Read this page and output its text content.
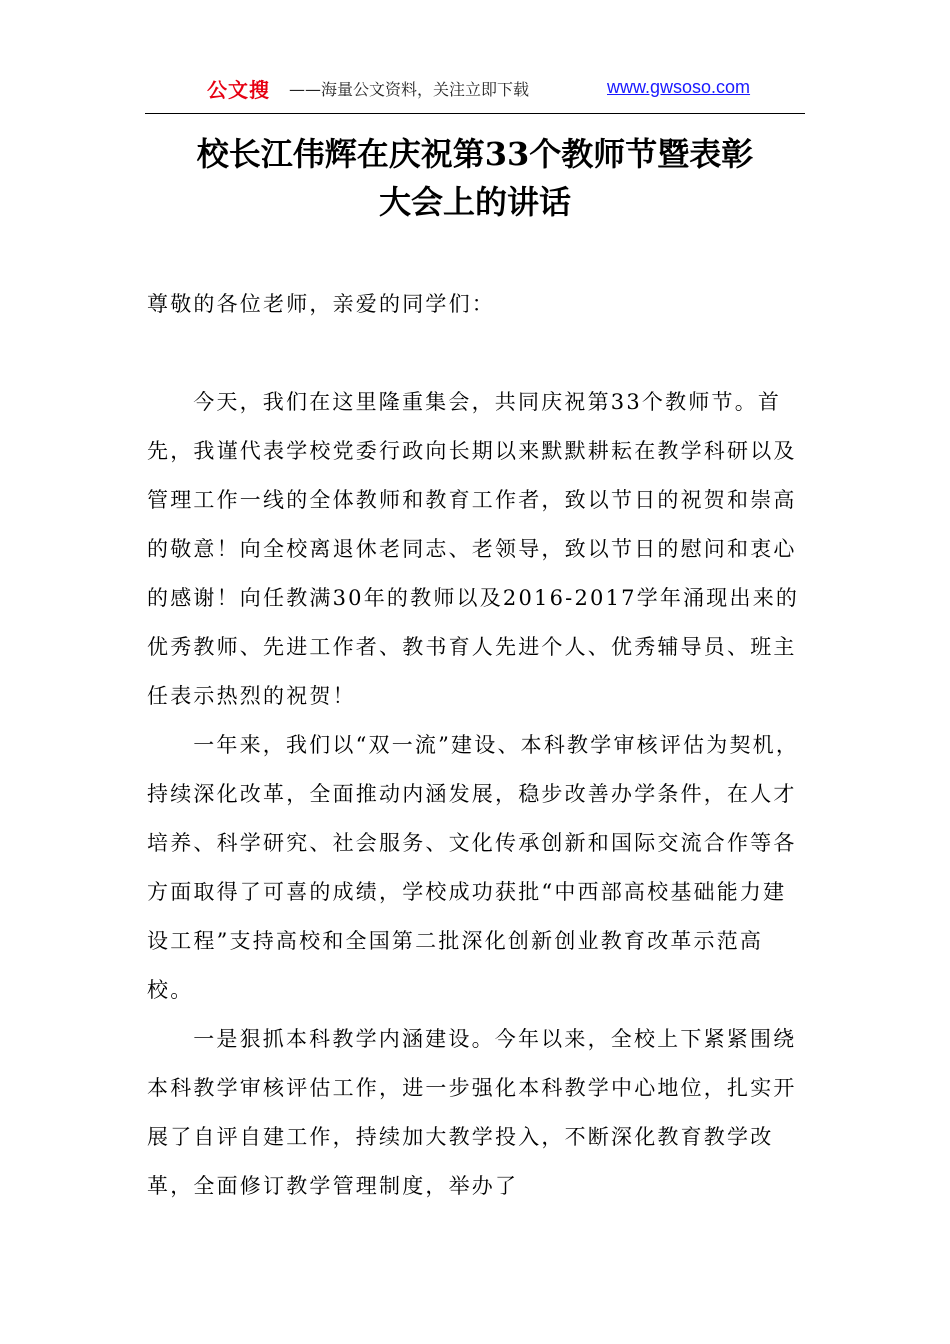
公文搜 ——海量公文资料，关注立即下载	www.gwsoso.com
校长江伟辉在庆祝第33个教师节暨表彰
大会上的讲话

尊敬的各位老师，亲爱的同学们：

今天，我们在这里隆重集会，共同庆祝第33个教师节。首先，我谨代表学校党委行政向长期以来默默耕耘在教学科研以及管理工作一线的全体教师和教育工作者，致以节日的祝贺和崇高的敬意！向全校离退休老同志、老领导，致以节日的慰问和衷心的感谢！向任教满30年的教师以及2016-2017学年涌现出来的优秀教师、先进工作者、教书育人先进个人、优秀辅导员、班主任表示热烈的祝贺！

一年来，我们以“双一流”建设、本科教学审核评估为契机，持续深化改革，全面推动内涵发展，稳步改善办学条件，在人才培养、科学研究、社会服务、文化传承创新和国际交流合作等各方面取得了可喜的成绩，学校成功获批“中西部高校基础能力建设工程”支持高校和全国第二批深化创新创业教育改革示范高校。

一是狠抓本科教学内涵建设。今年以来，全校上下紧紧围绕本科教学审核评估工作，进一步强化本科教学中心地位，扎实开展了自评自建工作，持续加大教学投入，不断深化教育教学改革，全面修订教学管理制度，举办了
